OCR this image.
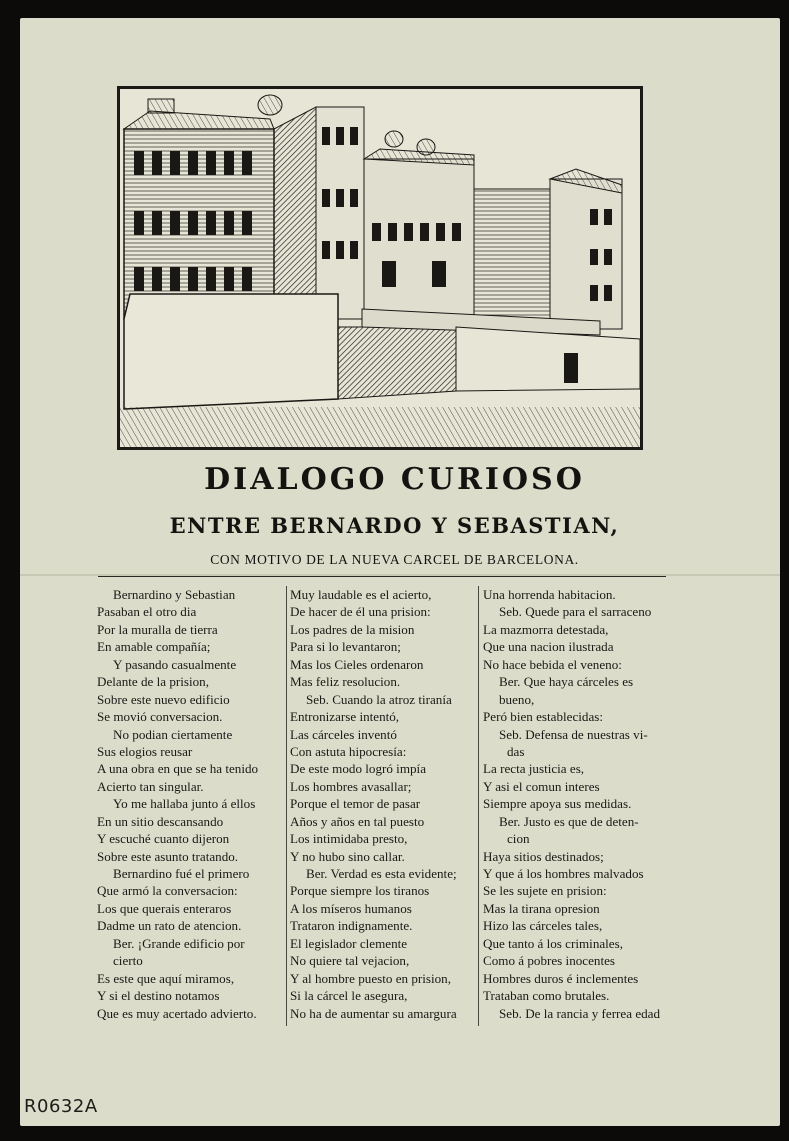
DIALOGO CURIOSO
ENTRE BERNARDO Y SEBASTIAN,
CON MOTIVO DE LA NUEVA CARCEL DE BARCELONA.
Bernardino y Sebastian
Pasaban el otro dia
Por la muralla de tierra
En amable compañía;
Y pasando casualmente
Delante de la prision,
Sobre este nuevo edificio
Se movió conversacion.
No podian ciertamente
Sus elogios reusar
A una obra en que se ha tenido
Acierto tan singular.
Yo me hallaba junto á ellos
En un sitio descansando
Y escuché cuanto dijeron
Sobre este asunto tratando.
Bernardino fué el primero
Que armó la conversacion:
Los que querais enteraros
Dadme un rato de atencion.
Ber. ¡Grande edificio por
cierto
Es este que aquí miramos,
Y si el destino notamos
Que es muy acertado advierto.
Muy laudable es el acierto,
De hacer de él una prision:
Los padres de la mision
Para si lo levantaron;
Mas los Cieles ordenaron
Mas feliz resolucion.
Seb. Cuando la atroz tiranía
Entronizarse intentó,
Las cárceles inventó
Con astuta hipocresía:
De este modo logró impía
Los hombres avasallar;
Porque el temor de pasar
Años y años en tal puesto
Los intimidaba presto,
Y no hubo sino callar.
Ber. Verdad es esta evidente;
Porque siempre los tiranos
A los míseros humanos
Trataron indignamente.
El legislador clemente
No quiere tal vejacion,
Y al hombre puesto en prision,
Si la cárcel le asegura,
No ha de aumentar su amargura
Una horrenda habitacion.
Seb. Quede para el sarraceno
La mazmorra detestada,
Que una nacion ilustrada
No hace bebida el veneno:
Ber. Que haya cárceles es
bueno,
Peró bien establecidas:
Seb. Defensa de nuestras vi-
das
La recta justicia es,
Y asi el comun interes
Siempre apoya sus medidas.
Ber. Justo es que de deten-
cion
Haya sitios destinados;
Y que á los hombres malvados
Se les sujete en prision:
Mas la tirana opresion
Hizo las cárceles tales,
Que tanto á los criminales,
Como á pobres inocentes
Hombres duros é inclementes
Trataban como brutales.
Seb. De la rancia y ferrea edad
R0632A
